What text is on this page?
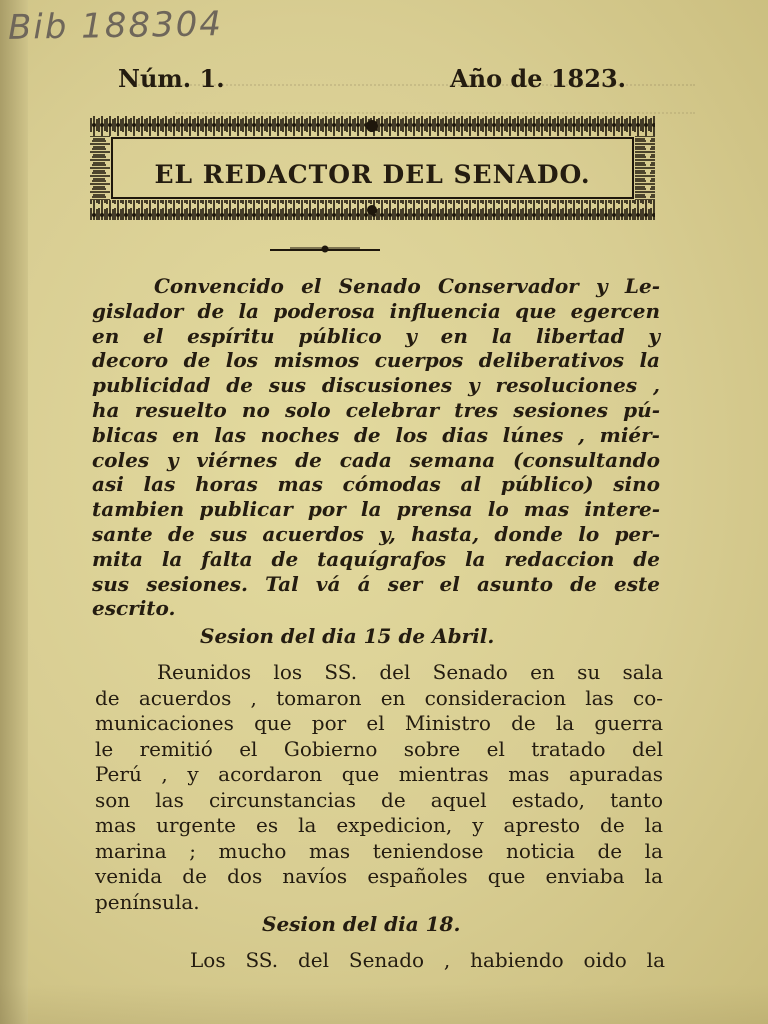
Bib 188304
Núm. 1.	Año de 1823.
EL REDACTOR DEL SENADO.
Convencido el Senado Conservador y Le-
gislador de la poderosa influencia que egercen
en el espíritu público y en la libertad y
decoro de los mismos cuerpos deliberativos la
publicidad de sus discusiones y resoluciones ,
ha resuelto no solo celebrar tres sesiones pú-
blicas en las noches de los dias lúnes , miér-
coles y viérnes de cada semana (consultando
asi las horas mas cómodas al público) sino
tambien publicar por la prensa lo mas intere-
sante de sus acuerdos y, hasta, donde lo per-
mita la falta de taquígrafos la redaccion de
sus sesiones. Tal vá á ser el asunto de este
escrito.
Sesion del dia 15 de Abril.
Reunidos los SS. del Senado en su sala
de acuerdos , tomaron en consideracion las co-
municaciones que por el Ministro de la guerra
le remitió el Gobierno sobre el tratado del
Perú , y acordaron que mientras mas apuradas
son las circunstancias de aquel estado, tanto
mas urgente es la expedicion, y apresto de la
marina ; mucho mas teniendose noticia de la
venida de dos navíos españoles que enviaba la
península.
Sesion del dia 18.
Los SS. del Senado , habiendo oido la
